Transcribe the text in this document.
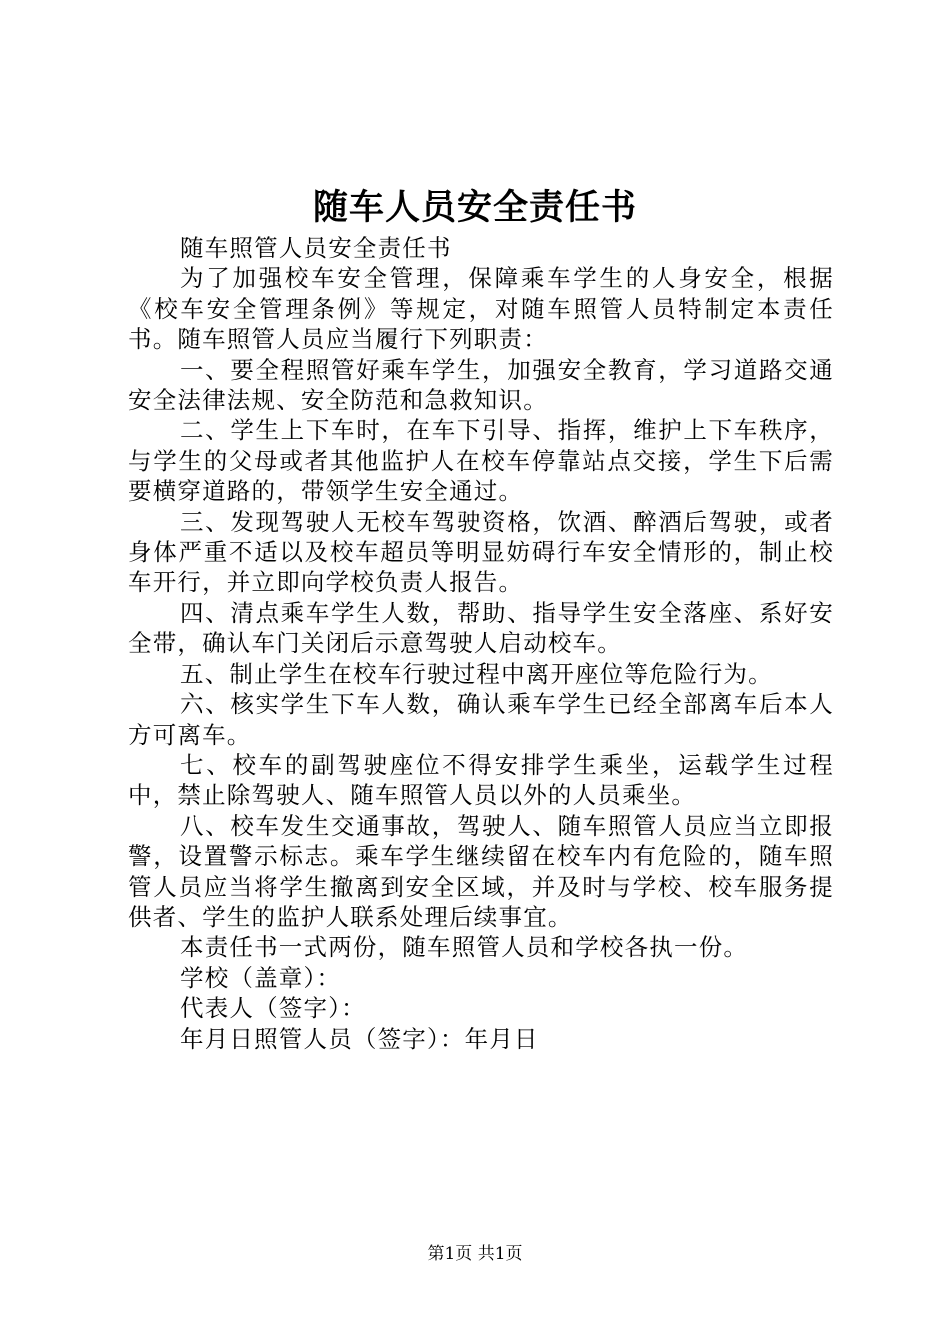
随车人员安全责任书

随车照管人员安全责任书

为了加强校车安全管理，保障乘车学生的人身安全，根据《校车安全管理条例》等规定，对随车照管人员特制定本责任书。随车照管人员应当履行下列职责：

一、要全程照管好乘车学生，加强安全教育，学习道路交通安全法律法规、安全防范和急救知识。

二、学生上下车时，在车下引导、指挥，维护上下车秩序，与学生的父母或者其他监护人在校车停靠站点交接，学生下后需要横穿道路的，带领学生安全通过。

三、发现驾驶人无校车驾驶资格，饮酒、醉酒后驾驶，或者身体严重不适以及校车超员等明显妨碍行车安全情形的，制止校车开行，并立即向学校负责人报告。

四、清点乘车学生人数，帮助、指导学生安全落座、系好安全带，确认车门关闭后示意驾驶人启动校车。

五、制止学生在校车行驶过程中离开座位等危险行为。

六、核实学生下车人数，确认乘车学生已经全部离车后本人方可离车。

七、校车的副驾驶座位不得安排学生乘坐，运载学生过程中，禁止除驾驶人、随车照管人员以外的人员乘坐。

八、校车发生交通事故，驾驶人、随车照管人员应当立即报警，设置警示标志。乘车学生继续留在校车内有危险的，随车照管人员应当将学生撤离到安全区域，并及时与学校、校车服务提供者、学生的监护人联系处理后续事宜。

本责任书一式两份，随车照管人员和学校各执一份。

学校（盖章）：

代表人（签字）：

年月日照管人员（签字）：年月日

第1页 共1页
